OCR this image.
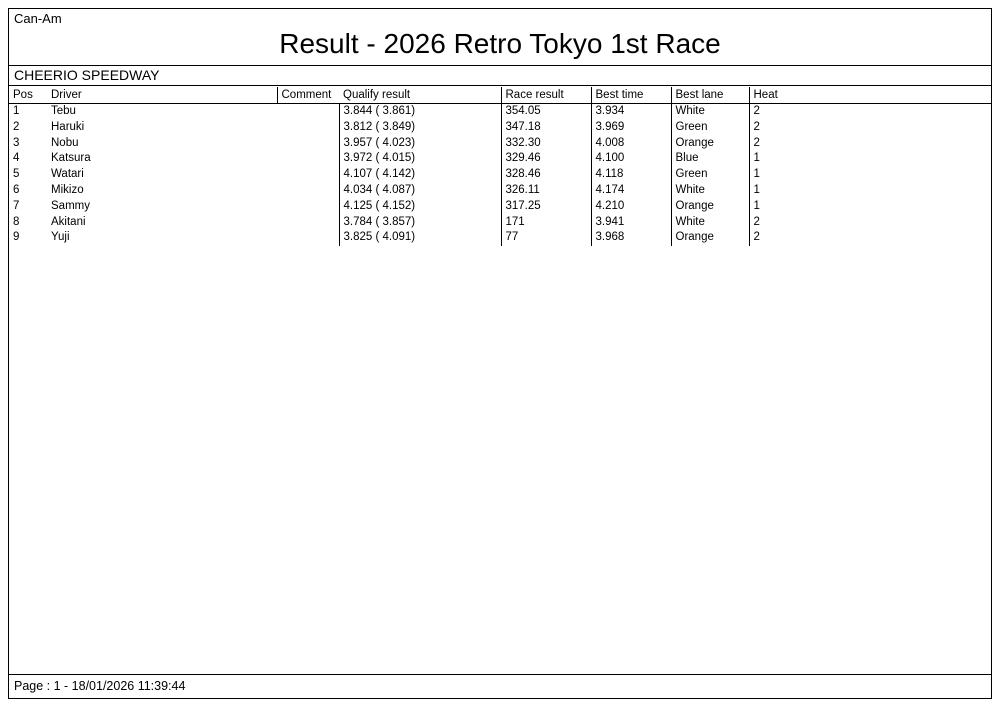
Can-Am
Result - 2026 Retro Tokyo 1st Race
CHEERIO SPEEDWAY
Pos	Driver	Comment	Qualify result	Race result	Best time	Best lane	Heat
1	Tebu		3.844 ( 3.861)	354.05	3.934	White	2
2	Haruki		3.812 ( 3.849)	347.18	3.969	Green	2
3	Nobu		3.957 ( 4.023)	332.30	4.008	Orange	2
4	Katsura		3.972 ( 4.015)	329.46	4.100	Blue	1
5	Watari		4.107 ( 4.142)	328.46	4.118	Green	1
6	Mikizo		4.034 ( 4.087)	326.11	4.174	White	1
7	Sammy		4.125 ( 4.152)	317.25	4.210	Orange	1
8	Akitani		3.784 ( 3.857)	171	3.941	White	2
9	Yuji		3.825 ( 4.091)	77	3.968	Orange	2
Page : 1 - 18/01/2026 11:39:44
